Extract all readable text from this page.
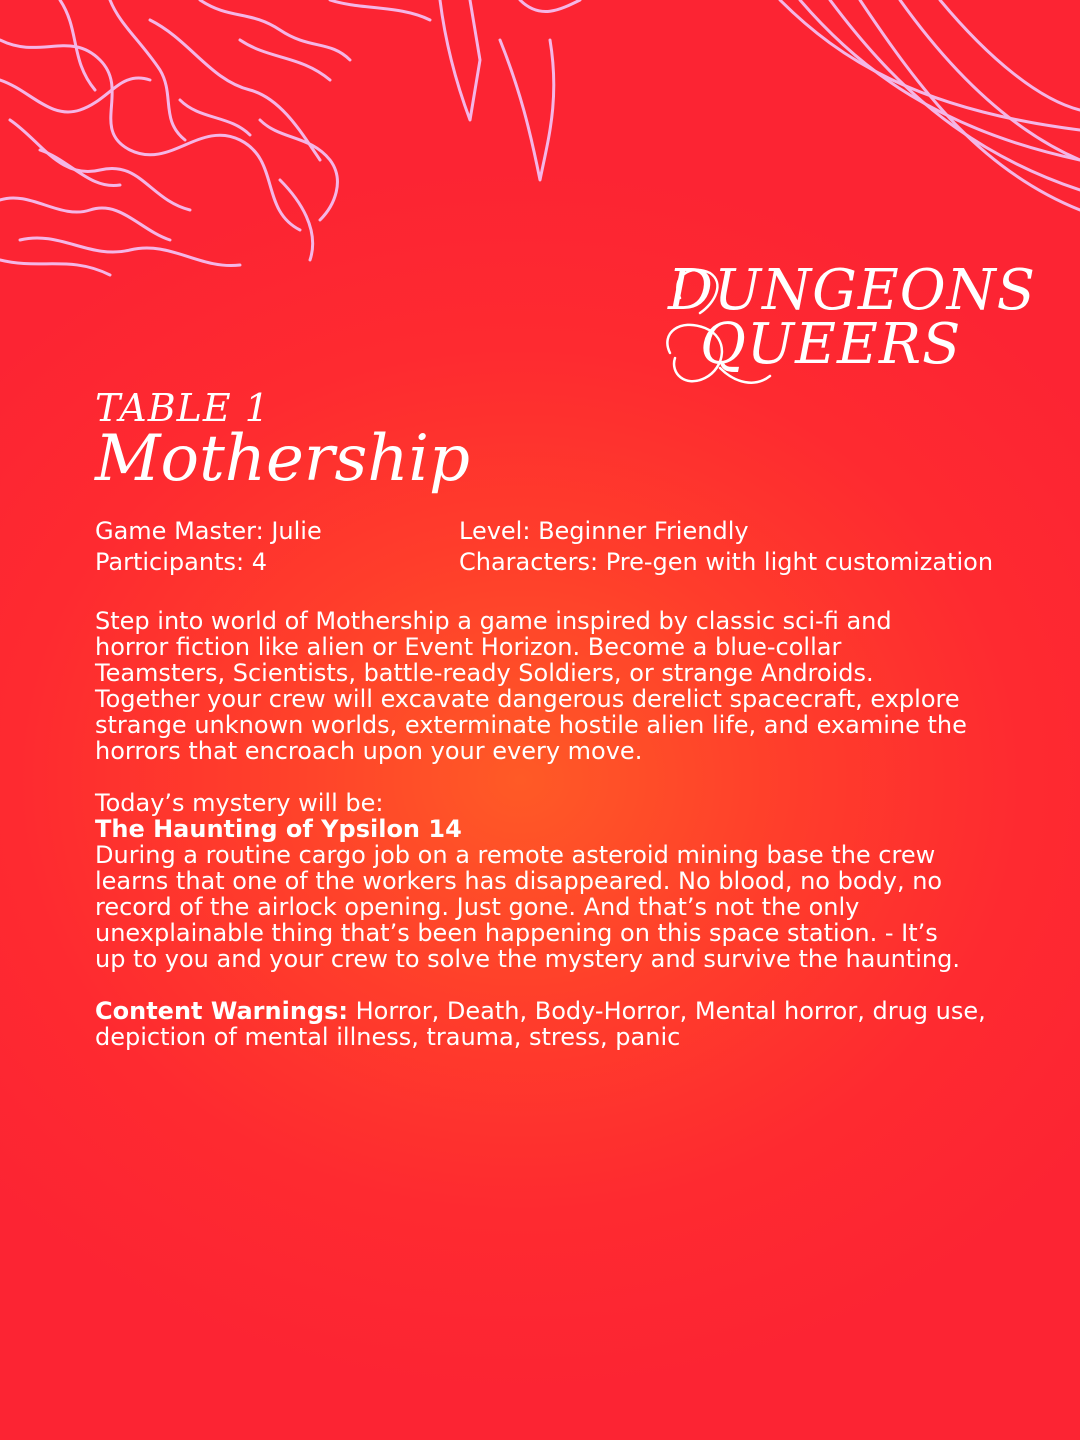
DUNGEONS
QUEERS
TABLE 1
Mothership
Game Master: Julie
Participants: 4
Level: Beginner Friendly
Characters: Pre-gen with light customization
Step into world of Mothership a game inspired by classic sci-fi and
horror fiction like alien or Event Horizon. Become a blue-collar
Teamsters, Scientists, battle-ready Soldiers, or strange Androids.
Together your crew will excavate dangerous derelict spacecraft, explore
strange unknown worlds, exterminate hostile alien life, and examine the
horrors that encroach upon your every move.
Today’s mystery will be:
The Haunting of Ypsilon 14
During a routine cargo job on a remote asteroid mining base the crew
learns that one of the workers has disappeared. No blood, no body, no
record of the airlock opening. Just gone. And that’s not the only
unexplainable thing that’s been happening on this space station. - It’s
up to you and your crew to solve the mystery and survive the haunting.
Content Warnings: Horror, Death, Body-Horror, Mental horror, drug use,
depiction of mental illness, trauma, stress, panic
